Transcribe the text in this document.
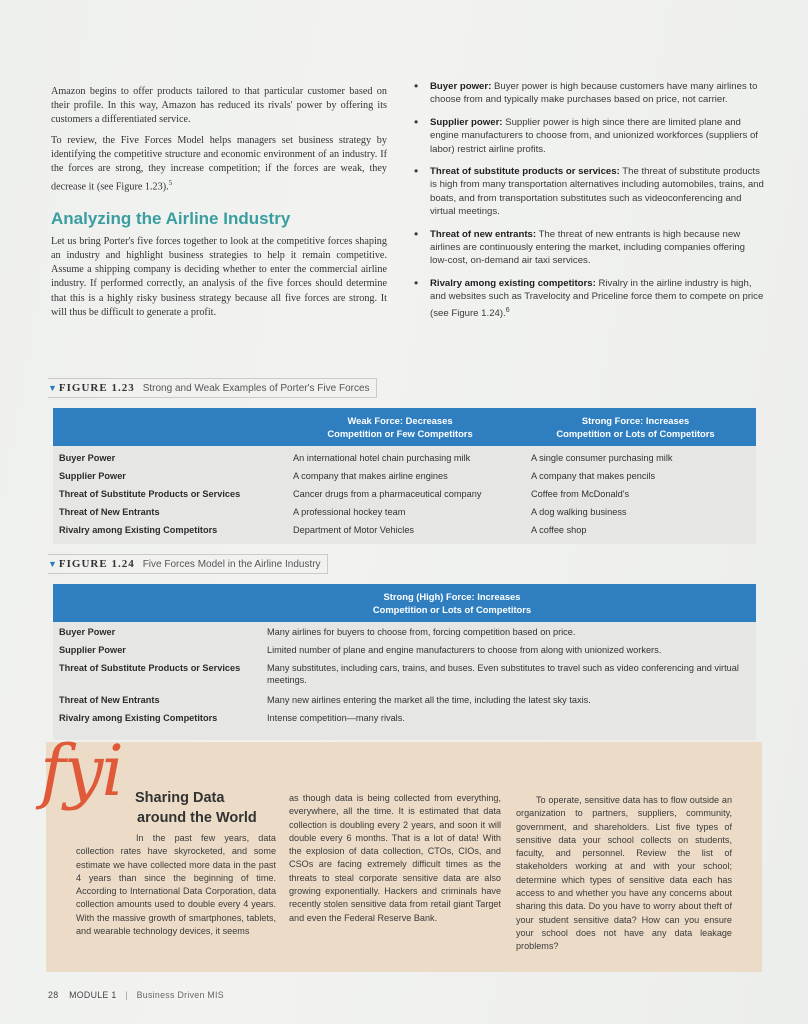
Amazon begins to offer products tailored to that particular customer based on their profile. In this way, Amazon has reduced its rivals' power by offering its customers a differentiated service.

To review, the Five Forces Model helps managers set business strategy by identifying the competitive structure and economic environment of an industry. If the forces are strong, they increase competition; if the forces are weak, they decrease it (see Figure 1.23).$^5$

Analyzing the Airline Industry

Let us bring Porter's five forces together to look at the competitive forces shaping an industry and highlight business strategies to help it remain competitive. Assume a shipping company is deciding whether to enter the commercial airline industry. If performed correctly, an analysis of the five forces should determine that this is a highly risky business strategy because all five forces are strong. It will thus be difficult to generate a profit.

•	Buyer power: Buyer power is high because customers have many airlines to choose from and typically make purchases based on price, not carrier.
•	Supplier power: Supplier power is high since there are limited plane and engine manufacturers to choose from, and unionized workforces (suppliers of labor) restrict airline profits.
•	Threat of substitute products or services: The threat of substitute products is high from many transportation alternatives including automobiles, trains, and boats, and from transportation substitutes such as videoconferencing and virtual meetings.
•	Threat of new entrants: The threat of new entrants is high because new airlines are continuously entering the market, including companies offering low-cost, on-demand air taxi services.
•	Rivalry among existing competitors: Rivalry in the airline industry is high, and websites such as Travelocity and Priceline force them to compete on price (see Figure 1.24).$^6$
▼ FIGURE 1.23 Strong and Weak Examples of Porter's Five Forces
Weak Force: Decreases
Competition or Few Competitors
Strong Force: Increases
Competition or Lots of Competitors
Buyer Power	An international hotel chain purchasing milk	A single consumer purchasing milk
Supplier Power	A company that makes airline engines	A company that makes pencils
Threat of Substitute Products or Services	Cancer drugs from a pharmaceutical company	Coffee from McDonald's
Threat of New Entrants	A professional hockey team	A dog walking business
Rivalry among Existing Competitors	Department of Motor Vehicles	A coffee shop
▼ FIGURE 1.24 Five Forces Model in the Airline Industry
Strong (High) Force: Increases
Competition or Lots of Competitors
Buyer Power	Many airlines for buyers to choose from, forcing competition based on price.
Supplier Power	Limited number of plane and engine manufacturers to choose from along with unionized workers.
Threat of Substitute Products or Services	Many substitutes, including cars, trains, and buses. Even substitutes to travel such as video conferencing and virtual meetings.
Threat of New Entrants	Many new airlines entering the market all the time, including the latest sky taxis.
Rivalry among Existing Competitors	Intense competition—many rivals.
fyi Sharing Data
around the World
In the past few years, data collection rates have skyrocketed, and some estimate we have collected more data in the past 4 years than since the beginning of time. According to International Data Corporation, data collection amounts used to double every 4 years. With the massive growth of smartphones, tablets, and wearable technology devices, it seems
as though data is being collected from everything, everywhere, all the time. It is estimated that data collection is doubling every 2 years, and soon it will double every 6 months. That is a lot of data! With the explosion of data collection, CTOs, CIOs, and CSOs are facing extremely difficult times as the threats to steal corporate sensitive data are also growing exponentially. Hackers and criminals have recently stolen sensitive data from retail giant Target and even the Federal Reserve Bank.
To operate, sensitive data has to flow outside an organization to partners, suppliers, community, government, and shareholders. List five types of sensitive data your school collects on students, faculty, and personnel. Review the list of stakeholders working at and with your school; determine which types of sensitive data each has access to and whether you have any concerns about sharing this data. Do you have to worry about theft of your student sensitive data? How can you ensure your school does not have any data leakage problems?
28 MODULE 1 | Business Driven MIS
